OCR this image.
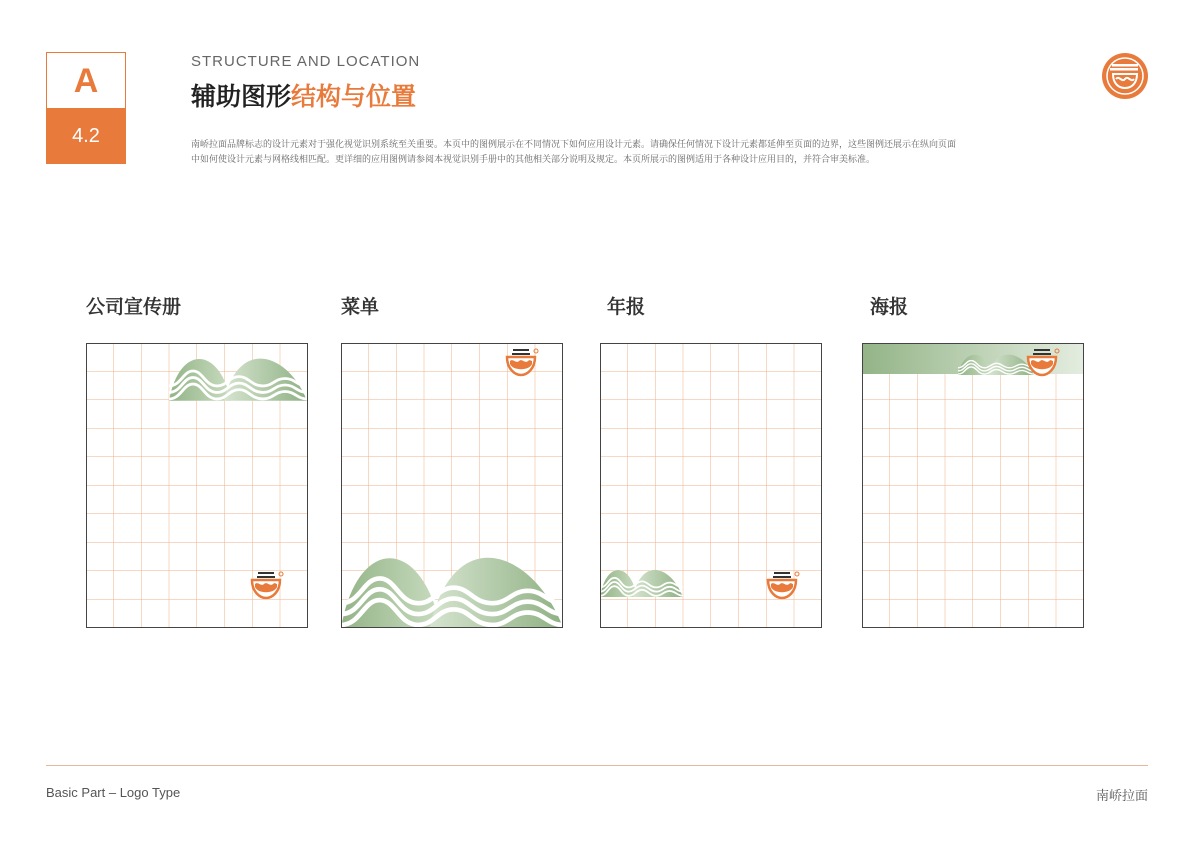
A
4.2
STRUCTURE AND LOCATION
辅助图形结构与位置
南峤拉面品牌标志的设计元素对于强化视觉识别系统至关重要。本页中的图例展示在不同情况下如何应用设计元素。请确保任何情况下设计元素都延伸至页面的边界，这些图例还展示在纵向页面
中如何使设计元素与网格线相匹配。更详细的应用图例请参阅本视觉识别手册中的其他相关部分说明及规定。本页所展示的图例适用于各种设计应用目的，并符合审美标准。
公司宣传册	菜单	年报	海报
Basic Part – Logo Type	南峤拉面
